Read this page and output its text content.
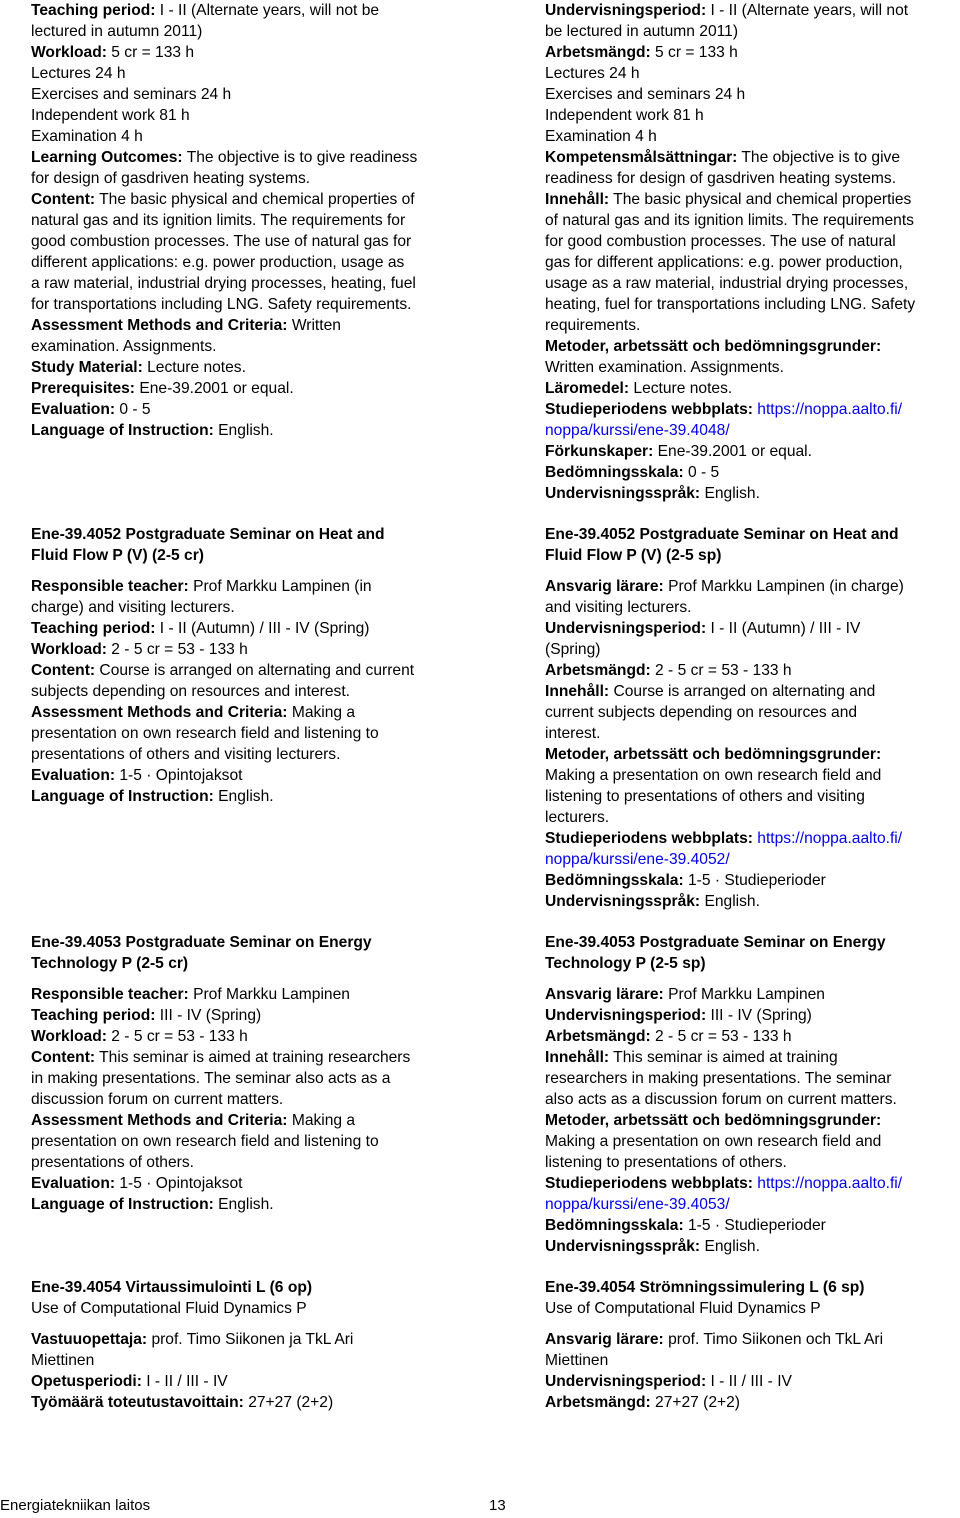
Teaching period: I - II (Alternate years, will not be
lectured in autumn 2011)
Workload: 5 cr = 133 h
Lectures 24 h
Exercises and seminars 24 h
Independent work 81 h
Examination 4 h
Learning Outcomes: The objective is to give readiness
for design of gasdriven heating systems.
Content: The basic physical and chemical properties of
natural gas and its ignition limits. The requirements for
good combustion processes. The use of natural gas for
different applications: e.g. power production, usage as
a raw material, industrial drying processes, heating, fuel
for transportations including LNG. Safety requirements.
Assessment Methods and Criteria: Written
examination. Assignments.
Study Material: Lecture notes.
Prerequisites: Ene-39.2001 or equal.
Evaluation: 0 - 5
Language of Instruction: English.
Ene-39.4052 Postgraduate Seminar on Heat and
Fluid Flow P (V) (2-5 cr)
Responsible teacher: Prof Markku Lampinen (in
charge) and visiting lecturers.
Teaching period: I - II (Autumn) / III - IV (Spring)
Workload: 2 - 5 cr = 53 - 133 h
Content: Course is arranged on alternating and current
subjects depending on resources and interest.
Assessment Methods and Criteria: Making a
presentation on own research field and listening to
presentations of others and visiting lecturers.
Evaluation: 1-5 · Opintojaksot
Language of Instruction: English.
Ene-39.4053 Postgraduate Seminar on Energy
Technology P (2-5 cr)
Responsible teacher: Prof Markku Lampinen
Teaching period: III - IV (Spring)
Workload: 2 - 5 cr = 53 - 133 h
Content: This seminar is aimed at training researchers
in making presentations. The seminar also acts as a
discussion forum on current matters.
Assessment Methods and Criteria: Making a
presentation on own research field and listening to
presentations of others.
Evaluation: 1-5 · Opintojaksot
Language of Instruction: English.
Ene-39.4054 Virtaussimulointi L (6 op)
Use of Computational Fluid Dynamics P
Vastuuopettaja: prof. Timo Siikonen ja TkL Ari
Miettinen
Opetusperiodi: I - II / III - IV
Työmäärä toteutustavoittain: 27+27 (2+2)
Undervisningsperiod: I - II (Alternate years, will not
be lectured in autumn 2011)
Arbetsmängd: 5 cr = 133 h
Lectures 24 h
Exercises and seminars 24 h
Independent work 81 h
Examination 4 h
Kompetensmålsättningar: The objective is to give
readiness for design of gasdriven heating systems.
Innehåll: The basic physical and chemical properties
of natural gas and its ignition limits. The requirements
for good combustion processes. The use of natural
gas for different applications: e.g. power production,
usage as a raw material, industrial drying processes,
heating, fuel for transportations including LNG. Safety
requirements.
Metoder, arbetssätt och bedömningsgrunder:
Written examination. Assignments.
Läromedel: Lecture notes.
Studieperiodens webbplats: https://noppa.aalto.fi/
noppa/kurssi/ene-39.4048/
Förkunskaper: Ene-39.2001 or equal.
Bedömningsskala: 0 - 5
Undervisningsspråk: English.
Ene-39.4052 Postgraduate Seminar on Heat and
Fluid Flow P (V) (2-5 sp)
Ansvarig lärare: Prof Markku Lampinen (in charge)
and visiting lecturers.
Undervisningsperiod: I - II (Autumn) / III - IV
(Spring)
Arbetsmängd: 2 - 5 cr = 53 - 133 h
Innehåll: Course is arranged on alternating and
current subjects depending on resources and
interest.
Metoder, arbetssätt och bedömningsgrunder:
Making a presentation on own research field and
listening to presentations of others and visiting
lecturers.
Studieperiodens webbplats: https://noppa.aalto.fi/
noppa/kurssi/ene-39.4052/
Bedömningsskala: 1-5 · Studieperioder
Undervisningsspråk: English.
Ene-39.4053 Postgraduate Seminar on Energy
Technology P (2-5 sp)
Ansvarig lärare: Prof Markku Lampinen
Undervisningsperiod: III - IV (Spring)
Arbetsmängd: 2 - 5 cr = 53 - 133 h
Innehåll: This seminar is aimed at training
researchers in making presentations. The seminar
also acts as a discussion forum on current matters.
Metoder, arbetssätt och bedömningsgrunder:
Making a presentation on own research field and
listening to presentations of others.
Studieperiodens webbplats: https://noppa.aalto.fi/
noppa/kurssi/ene-39.4053/
Bedömningsskala: 1-5 · Studieperioder
Undervisningsspråk: English.
Ene-39.4054 Strömningssimulering L (6 sp)
Use of Computational Fluid Dynamics P
Ansvarig lärare: prof. Timo Siikonen och TkL Ari
Miettinen
Undervisningsperiod: I - II / III - IV
Arbetsmängd: 27+27 (2+2)
Energiatekniikan laitos	13
